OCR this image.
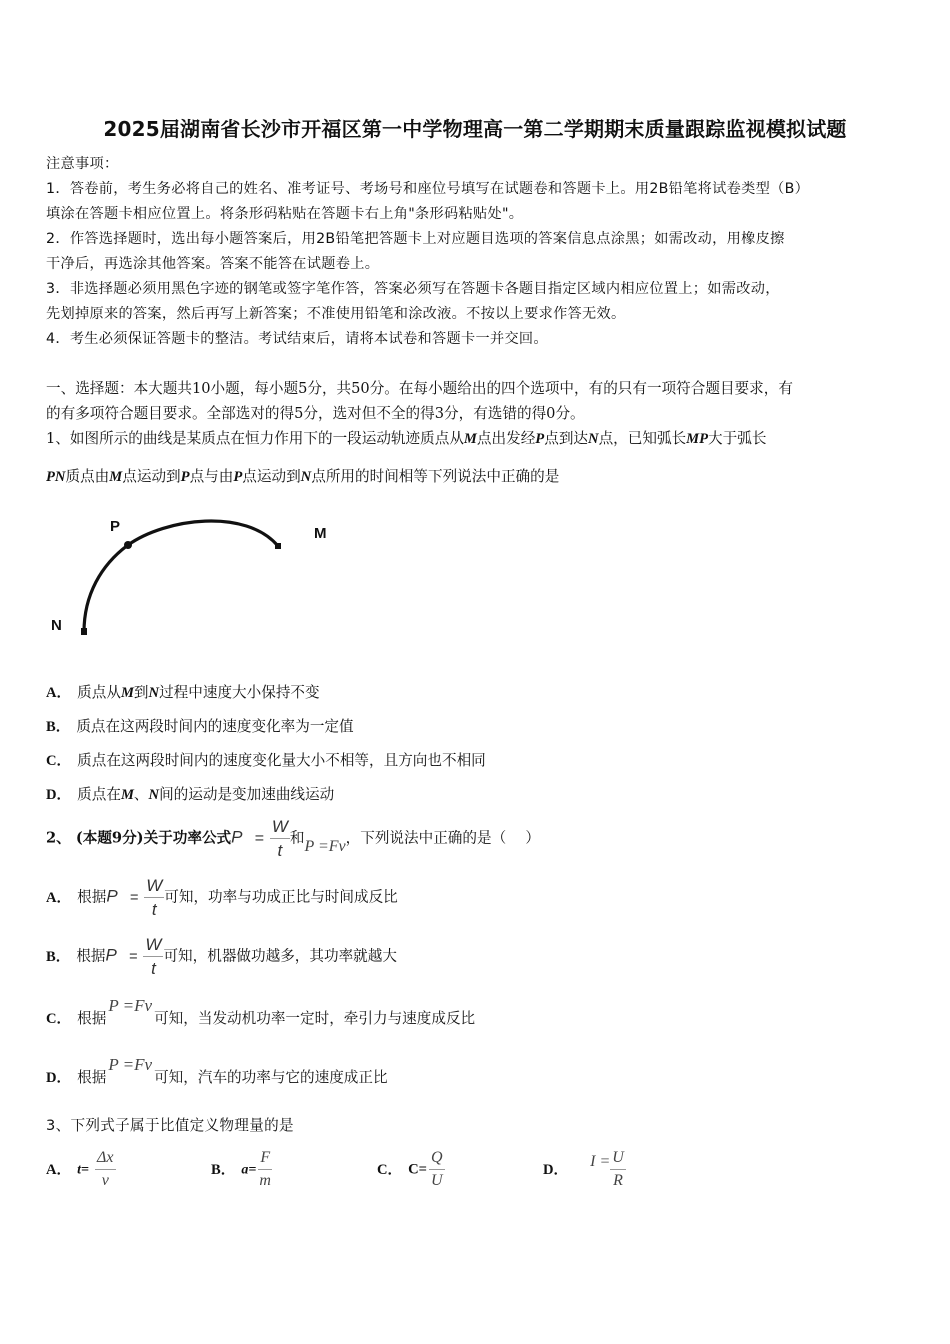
2025届湖南省长沙市开福区第一中学物理高一第二学期期末质量跟踪监视模拟试题
注意事项：
1．答卷前，考生务必将自己的姓名、准考证号、考场号和座位号填写在试题卷和答题卡上。用2B铅笔将试卷类型（B）
填涂在答题卡相应位置上。将条形码粘贴在答题卡右上角"条形码粘贴处"。
2．作答选择题时，选出每小题答案后，用2B铅笔把答题卡上对应题目选项的答案信息点涂黑；如需改动，用橡皮擦
干净后，再选涂其他答案。答案不能答在试题卷上。
3．非选择题必须用黑色字迹的钢笔或签字笔作答，答案必须写在答题卡各题目指定区域内相应位置上；如需改动，
先划掉原来的答案，然后再写上新答案；不准使用铅笔和涂改液。不按以上要求作答无效。
4．考生必须保证答题卡的整洁。考试结束后，请将本试卷和答题卡一并交回。
一、选择题：本大题共10小题，每小题5分，共50分。在每小题给出的四个选项中，有的只有一项符合题目要求，有
的有多项符合题目要求。全部选对的得5分，选对但不全的得3分，有选错的得0分。
1、如图所示的曲线是某质点在恒力作用下的一段运动轨迹质点从M点出发经P点到达N点，已知弧长MP大于弧长
PN质点由M点运动到P点与由P点运动到N点所用的时间相等下列说法中正确的是
P	M
N
A． 质点从M到N过程中速度大小保持不变
B． 质点在这两段时间内的速度变化率为一定值
C． 质点在这两段时间内的速度变化量大小不相等，且方向也不相同
D． 质点在M、N间的运动是变加速曲线运动
2、 (本题9分)关于功率公式$P = \frac{W}{t}$ 和P =Fv，下列说法中正确的是（　 ）
A． 根据$P = \frac{W}{t}$ 可知，功率与功成正比与时间成反比
B． 根据$P = \frac{W}{t}$ 可知，机器做功越多，其功率就越大
C． 根据P =Fv可知，当发动机功率一定时，牵引力与速度成反比
D． 根据P =Fv可知，汽车的功率与它的速度成正比
3、下列式子属于比值定义物理量的是
A． $t= \frac{\Delta x}{v}$	B． $a= \frac{F}{m}$	C． $C= \frac{Q}{U}$	D． $I = \frac{U}{R}$
